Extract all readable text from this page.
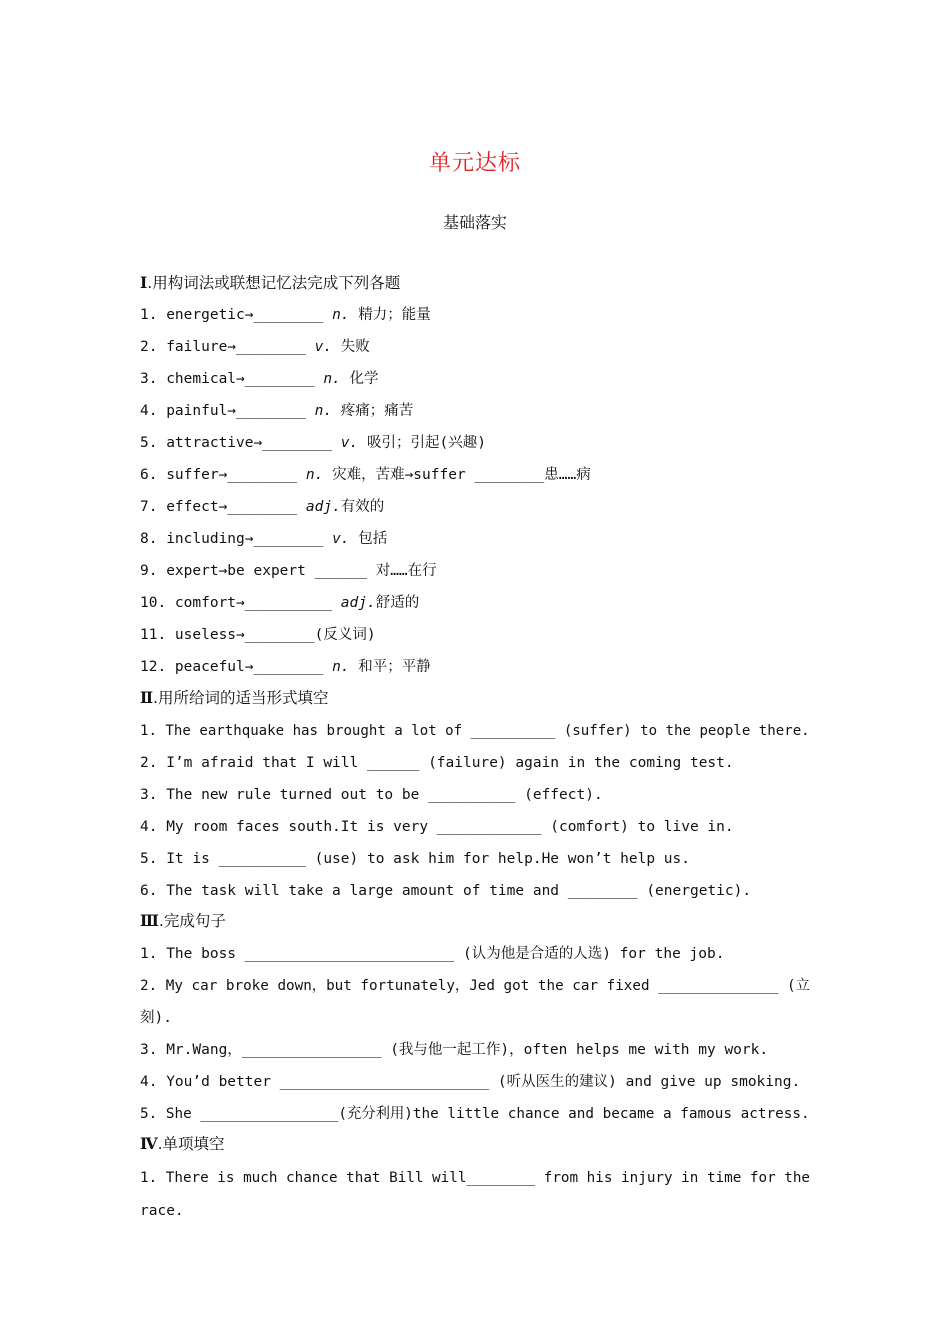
单元达标
基础落实
Ⅰ.用构词法或联想记忆法完成下列各题
1. energetic→________ n. 精力；能量
2. failure→________ v. 失败
3. chemical→________ n. 化学
4. painful→________ n. 疼痛；痛苦
5. attractive→________ v. 吸引；引起(兴趣)
6. suffer→________ n. 灾难，苦难→suffer ________患……病
7. effect→________ adj.有效的
8. including→________ v. 包括
9. expert→be expert ______ 对……在行
10. comfort→__________ adj.舒适的
11. useless→________(反义词)
12. peaceful→________ n. 和平；平静
Ⅱ.用所给词的适当形式填空
1. The earthquake has brought a lot of __________ (suffer) to the people there.
2. I’m afraid that I will ______ (failure) again in the coming test.
3. The new rule turned out to be __________ (effect).
4. My room faces south.It is very ____________ (comfort) to live in.
5. It is __________ (use) to ask him for help.He won’t help us.
6. The task will take a large amount of time and ________ (energetic).
Ⅲ.完成句子
1. The boss ________________________ (认为他是合适的人选) for the job.
2. My car broke down，but fortunately，Jed got the car fixed ______________ (立
刻).
3. Mr.Wang，________________ (我与他一起工作)，often helps me with my work.
4. You’d better ________________________ (听从医生的建议) and give up smoking.
5. She ________________(充分利用)the little chance and became a famous actress.
Ⅳ.单项填空
1. There is much chance that Bill will________ from his injury in time for the
race.
